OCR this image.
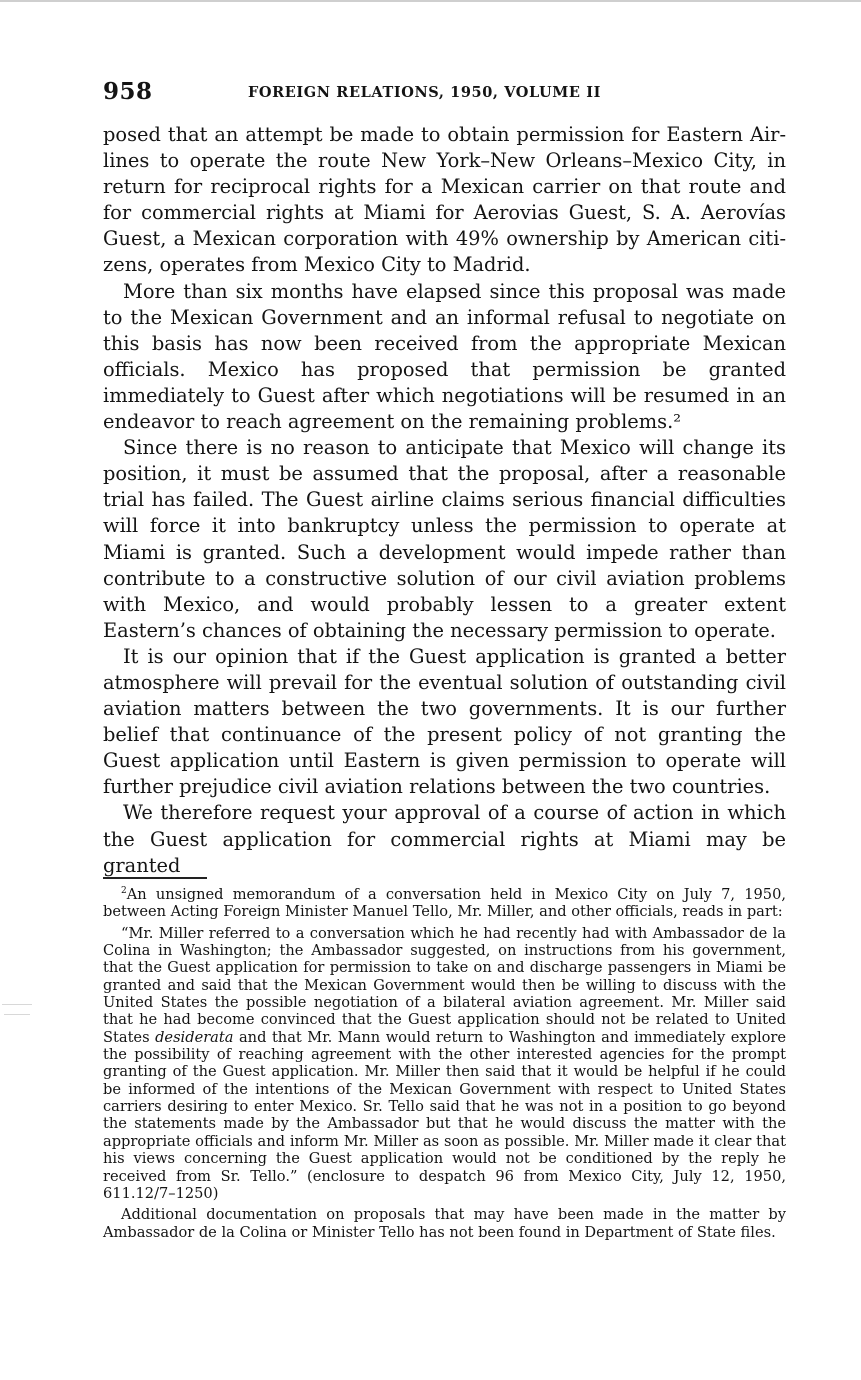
958	FOREIGN RELATIONS, 1950, VOLUME II

posed that an attempt be made to obtain permission for Eastern Airlines to operate the route New York–New Orleans–Mexico City, in return for reciprocal rights for a Mexican carrier on that route and for commercial rights at Miami for Aerovias Guest, S. A. Aerovías Guest, a Mexican corporation with 49% ownership by American citizens, operates from Mexico City to Madrid.

More than six months have elapsed since this proposal was made to the Mexican Government and an informal refusal to negotiate on this basis has now been received from the appropriate Mexican officials. Mexico has proposed that permission be granted immediately to Guest after which negotiations will be resumed in an endeavor to reach agreement on the remaining problems.²

Since there is no reason to anticipate that Mexico will change its position, it must be assumed that the proposal, after a reasonable trial has failed. The Guest airline claims serious financial difficulties will force it into bankruptcy unless the permission to operate at Miami is granted. Such a development would impede rather than contribute to a constructive solution of our civil aviation problems with Mexico, and would probably lessen to a greater extent Eastern’s chances of obtaining the necessary permission to operate.

It is our opinion that if the Guest application is granted a better atmosphere will prevail for the eventual solution of outstanding civil aviation matters between the two governments. It is our further belief that continuance of the present policy of not granting the Guest application until Eastern is given permission to operate will further prejudice civil aviation relations between the two countries.

We therefore request your approval of a course of action in which the Guest application for commercial rights at Miami may be granted

$^2$An unsigned memorandum of a conversation held in Mexico City on July 7, 1950, between Acting Foreign Minister Manuel Tello, Mr. Miller, and other officials, reads in part:

“Mr. Miller referred to a conversation which he had recently had with Ambassador de la Colina in Washington; the Ambassador suggested, on instructions from his government, that the Guest application for permission to take on and discharge passengers in Miami be granted and said that the Mexican Government would then be willing to discuss with the United States the possible negotiation of a bilateral aviation agreement. Mr. Miller said that he had become convinced that the Guest application should not be related to United States desiderata and that Mr. Mann would return to Washington and immediately explore the possibility of reaching agreement with the other interested agencies for the prompt granting of the Guest application. Mr. Miller then said that it would be helpful if he could be informed of the intentions of the Mexican Government with respect to United States carriers desiring to enter Mexico. Sr. Tello said that he was not in a position to go beyond the statements made by the Ambassador but that he would discuss the matter with the appropriate officials and inform Mr. Miller as soon as possible. Mr. Miller made it clear that his views concerning the Guest application would not be conditioned by the reply he received from Sr. Tello.” (enclosure to despatch 96 from Mexico City, July 12, 1950, 611.12/7–1250)

Additional documentation on proposals that may have been made in the matter by Ambassador de la Colina or Minister Tello has not been found in Department of State files.
